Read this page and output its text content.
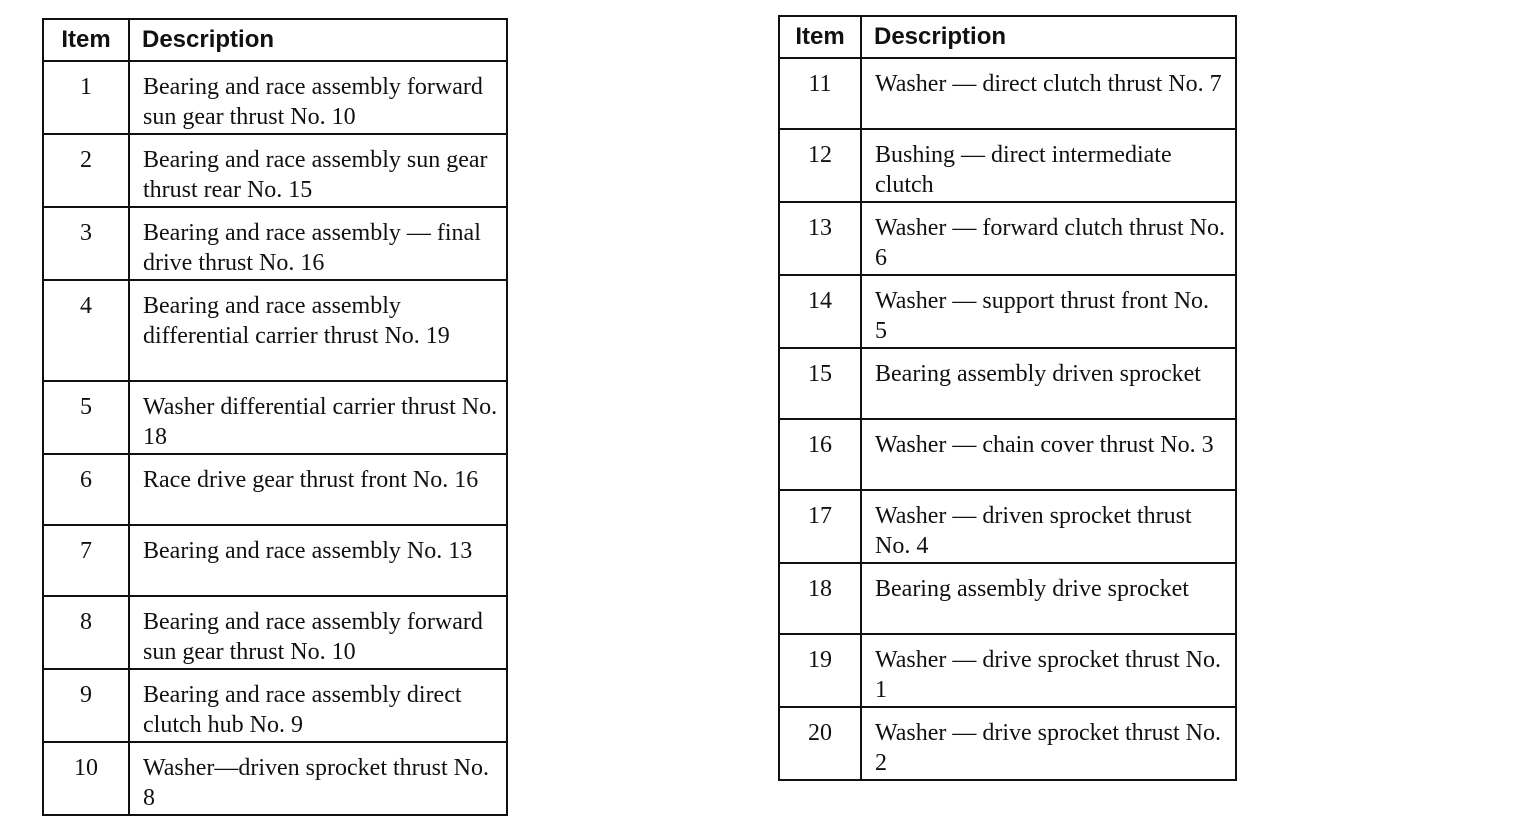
Item	Description
1	Bearing and race assembly forward sun gear thrust No. 10
2	Bearing and race assembly sun gear thrust rear No. 15
3	Bearing and race assembly — final drive thrust No. 16
4	Bearing and race assembly differential carrier thrust No. 19
5	Washer differential carrier thrust No. 18
6	Race drive gear thrust front No. 16
7	Bearing and race assembly No. 13
8	Bearing and race assembly forward sun gear thrust No. 10
9	Bearing and race assembly direct clutch hub No. 9
10	Washer—driven sprocket thrust No. 8
Item	Description
11	Washer — direct clutch thrust No. 7
12	Bushing — direct intermediate clutch
13	Washer — forward clutch thrust No. 6
14	Washer — support thrust front No. 5
15	Bearing assembly driven sprocket
16	Washer — chain cover thrust No. 3
17	Washer — driven sprocket thrust No. 4
18	Bearing assembly drive sprocket
19	Washer — drive sprocket thrust No. 1
20	Washer — drive sprocket thrust No. 2
